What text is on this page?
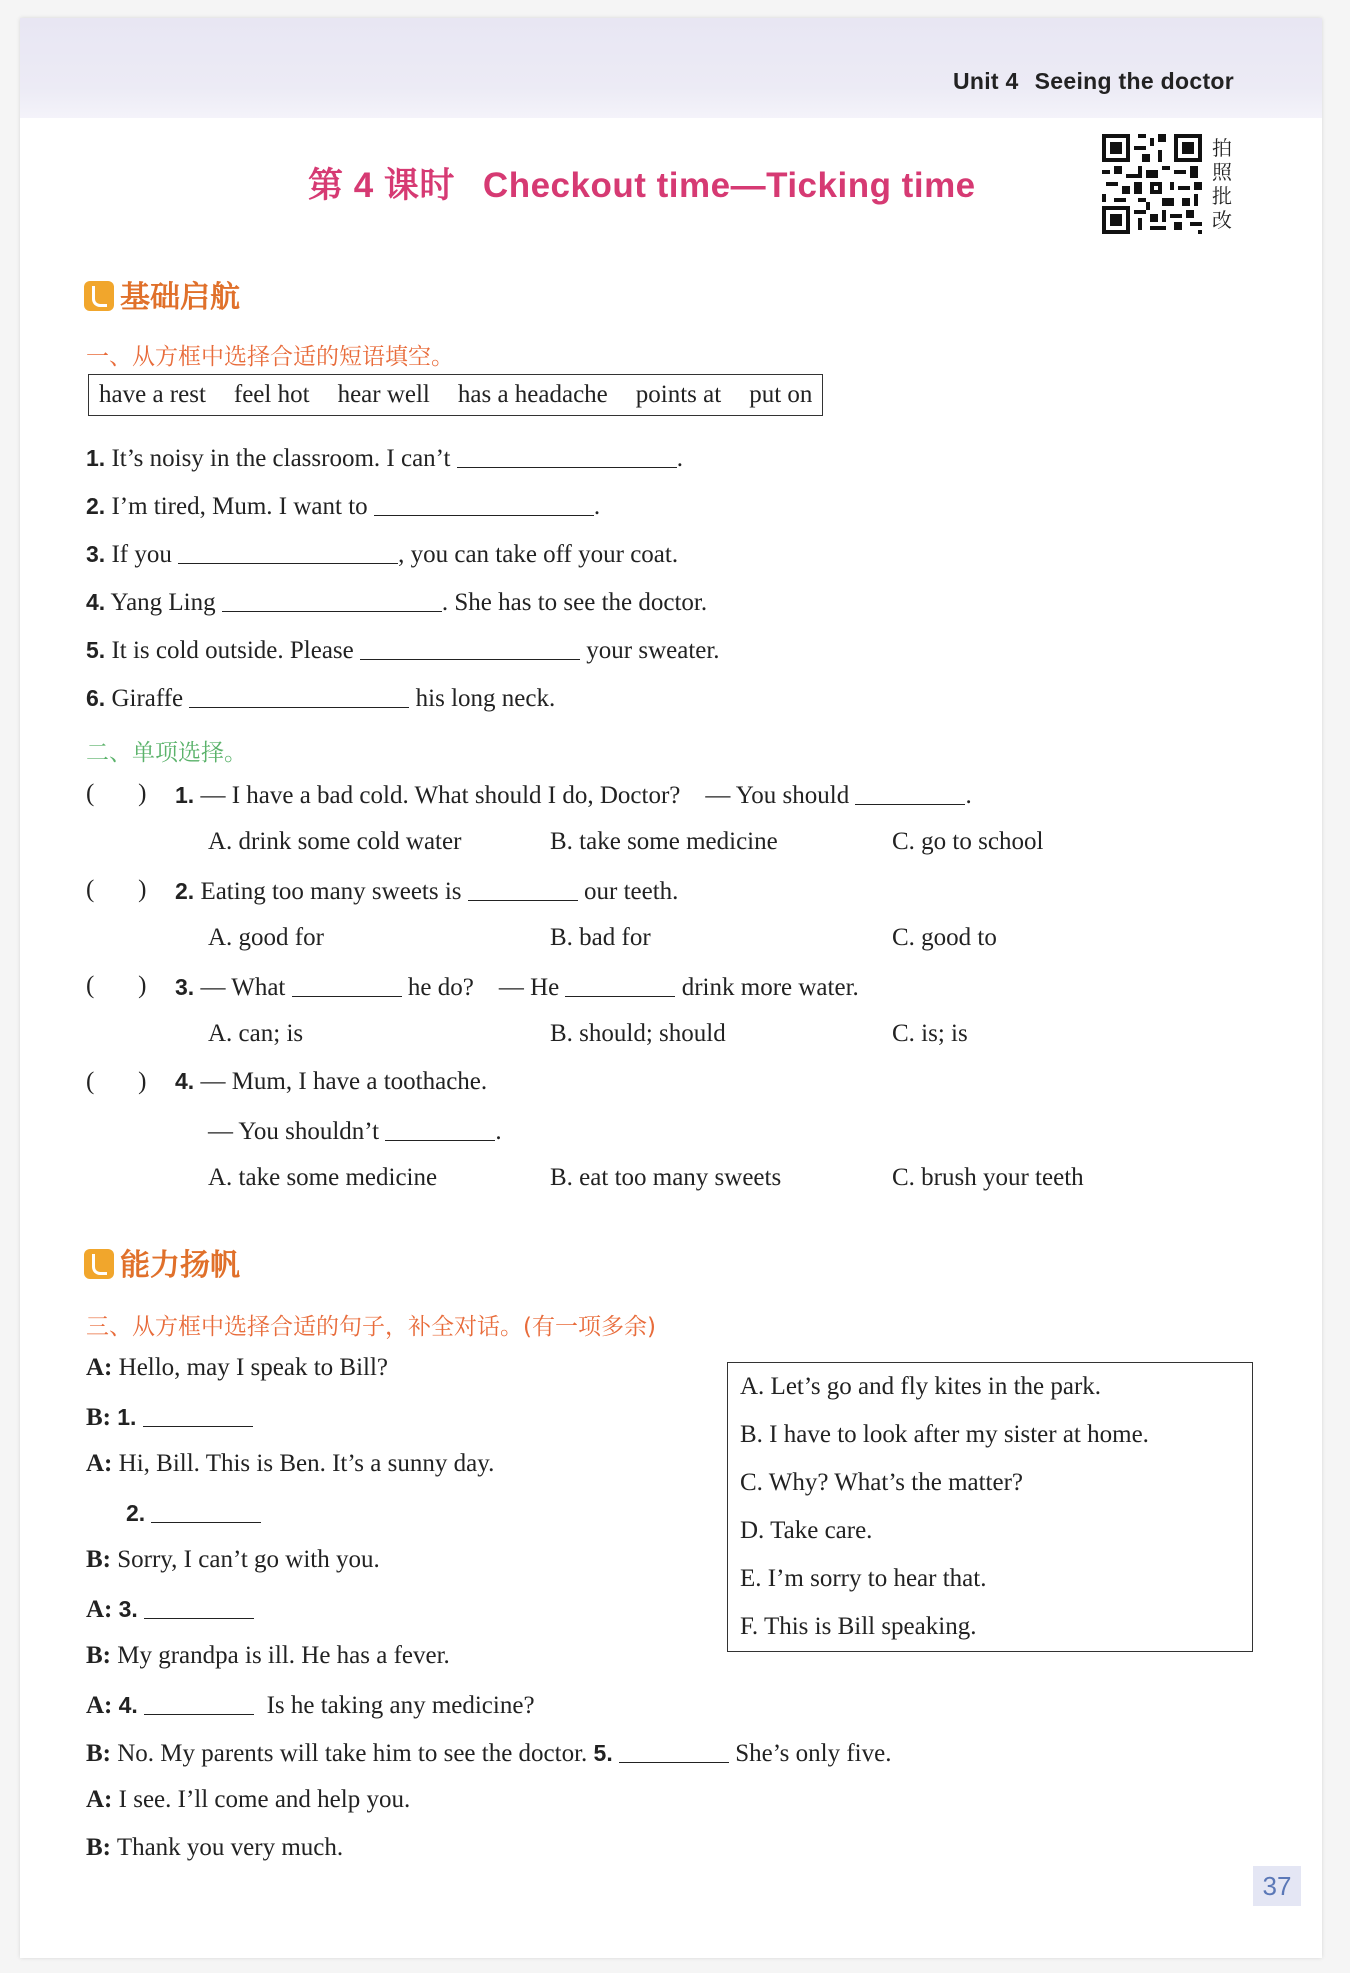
Unit 4 Seeing the doctor
第 4 课时 Checkout time—Ticking time
拍
照
批
改
基础启航
一、从方框中选择合适的短语填空。
have a rest feel hot hear well has a headache points at put on
1. It’s noisy in the classroom. I can’t	.
2. I’m tired, Mum. I want to	.
3. If you	, you can take off your coat.
4. Yang Ling	. She has to see the doctor.
5. It is cold outside. Please	your sweater.
6. Giraffe	his long neck.
二、单项选择。
(       ) 1. — I have a bad cold. What should I do, Doctor? — You should	.
A. drink some cold water	B. take some medicine	C. go to school
(       ) 2. Eating too many sweets is	our teeth.
A. good for	B. bad for	C. good to
(       ) 3. — What	he do? — He	drink more water.
A. can; is	B. should; should	C. is; is
(       ) 4. — Mum, I have a toothache.
— You shouldn’t	.
A. take some medicine	B. eat too many sweets	C. brush your teeth
能力扬帆
三、从方框中选择合适的句子，补全对话。(有一项多余)
A: Hello, may I speak to Bill?
B: 1.
A: Hi, Bill. This is Ben. It’s a sunny day.
2.
B: Sorry, I can’t go with you.
A: 3.
B: My grandpa is ill. He has a fever.
A: 4.	Is he taking any medicine?
B: No. My parents will take him to see the doctor. 5.	She’s only five.
A: I see. I’ll come and help you.
B: Thank you very much.
A. Let’s go and fly kites in the park.
B. I have to look after my sister at home.
C. Why? What’s the matter?
D. Take care.
E. I’m sorry to hear that.
F. This is Bill speaking.
37
